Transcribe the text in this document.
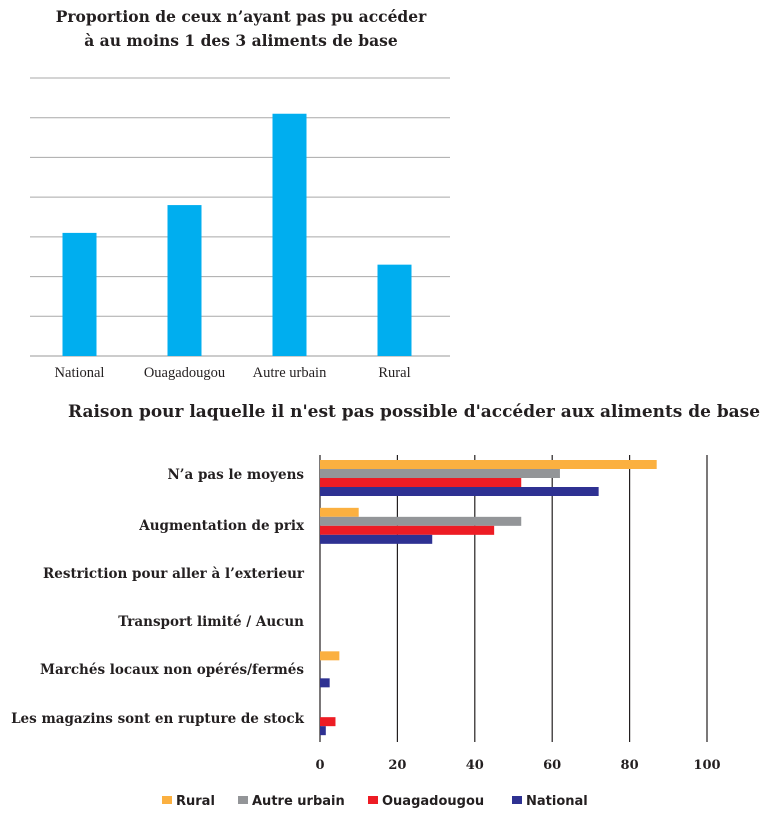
Proportion de ceux n’ayant pas pu accéder
à au moins 1 des 3 aliments de base
National	Ouagadougou Autre urbain	Rural
Raison pour laquelle il n'est pas possible d'accéder aux aliments de base
N’a pas le moyens
Augmentation de prix
Restriction pour aller à l’exterieur
Transport limité / Aucun
Marchés locaux non opérés/fermés
Les magazins sont en rupture de stock
0	20	40	60	80	100
Rural	Autre urbain	Ouagadougou	National
